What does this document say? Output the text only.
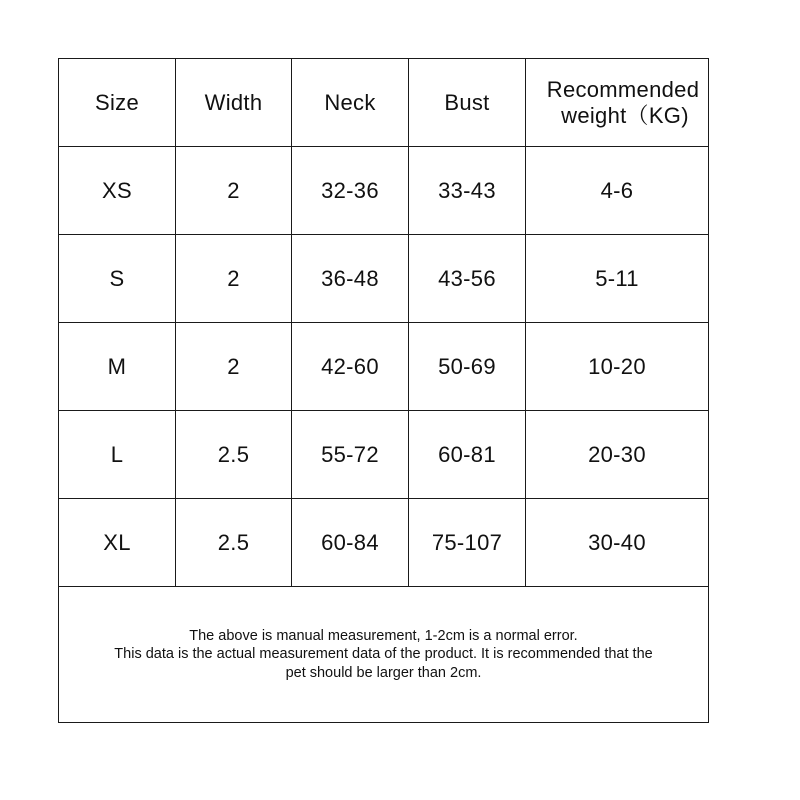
Size	Width	Neck	Bust	Recommended
weight（KG)

XS	2	32-36	33-43	4-6
S	2	36-48	43-56	5-11
M	2	42-60	50-69	10-20
L	2.5	55-72	60-81	20-30
XL	2.5	60-84	75-107	30-40

The above is manual measurement, 1-2cm is a normal error.
This data is the actual measurement data of the product. It is recommended that the
pet should be larger than 2cm.				
